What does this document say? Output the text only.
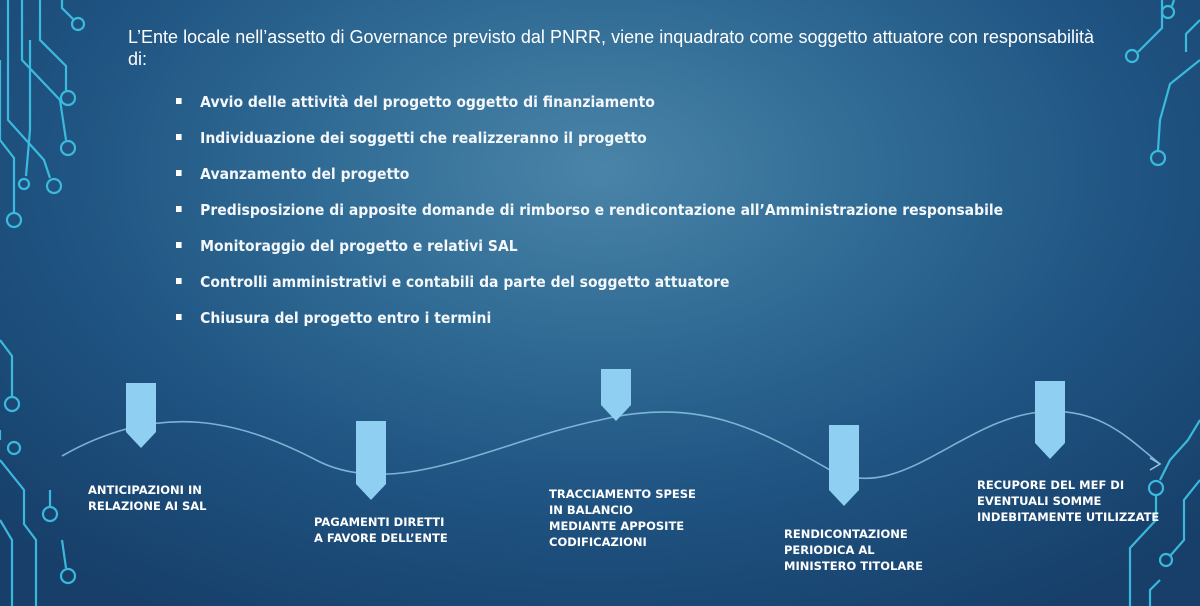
L’Ente locale nell’assetto di Governance previsto dal PNRR, viene inquadrato come soggetto attuatore con responsabilità di:
Avvio delle attività del progetto oggetto di finanziamento
Individuazione dei soggetti che realizzeranno il progetto
Avanzamento del progetto
Predisposizione di apposite domande di rimborso e rendicontazione all’Amministrazione responsabile
Monitoraggio del progetto e relativi SAL
Controlli amministrativi e contabili da parte del soggetto attuatore
Chiusura del progetto entro i termini
ANTICIPAZIONI IN
RELAZIONE AI SAL
PAGAMENTI DIRETTI
A FAVORE DELL’ENTE
TRACCIAMENTO SPESE
IN BALANCIO
MEDIANTE APPOSITE
CODIFICAZIONI
RENDICONTAZIONE
PERIODICA AL
MINISTERO TITOLARE
RECUPORE DEL MEF DI
EVENTUALI SOMME
INDEBITAMENTE UTILIZZATE
